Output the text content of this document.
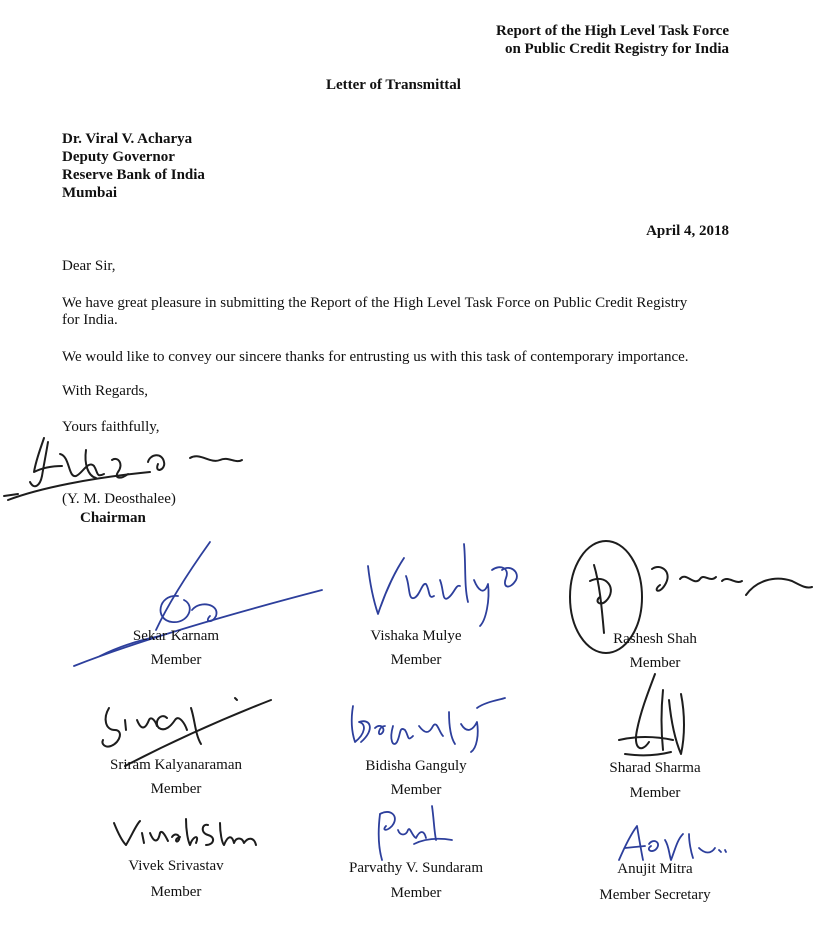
Report of the High Level Task Force
on Public Credit Registry for India
Letter of Transmittal
Dr. Viral V. Acharya
Deputy Governor
Reserve Bank of India
Mumbai
April 4, 2018
Dear Sir,
We have great pleasure in submitting the Report of the High Level Task Force on Public Credit Registry
for India.
We would like to convey our sincere thanks for entrusting us with this task of contemporary importance.
With Regards,
Yours faithfully,
(Y. M. Deosthalee)
Chairman
Sekar Karnam
Member
Vishaka Mulye
Member
Rashesh Shah
Member
Sriram Kalyanaraman
Member
Bidisha Ganguly
Member
Sharad Sharma
Member
Vivek Srivastav
Member
Parvathy V. Sundaram
Member
Anujit Mitra
Member Secretary
